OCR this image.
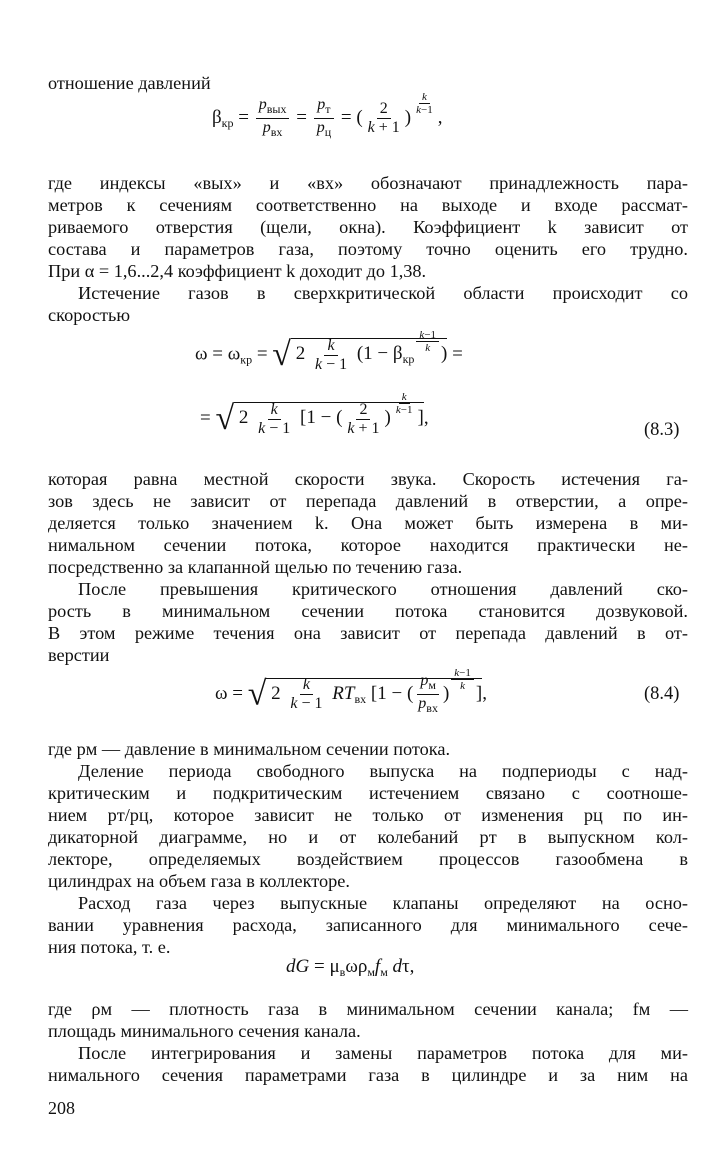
отношение давлений
$\beta_{кр} = \frac{p_{вых}}{p_{вх}} = \frac{p_т}{p_ц}$ = ( $\frac{2}{k + 1}$ )
$^{\frac{k}{k-1}}$
,
где индексы «вых» и «вх» обозначают принадлежность пара-
метров к сечениям соответственно на выходе и входе рассмат-
риваемого отверстия (щели, окна). Коэффициент k зависит от
состава и параметров газа, поэтому точно оценить его трудно.
При α = 1,6...2,4 коэффициент k доходит до 1,38.
Истечение газов в сверхкритической области происходит со
скоростью
$\omega = \omega_{кр}$ = √ $2 \frac{k}{k - 1} (1 - \beta_{кр}$
$^{\frac{k-1}{k}}$ ) =
= √ $2 \frac{k}{k - 1} [1$ − ( $\frac{2}{k + 1}$ )
$^{\frac{k}{k-1}}$
],
(8.3)
которая равна местной скорости звука. Скорость истечения га-
зов здесь не зависит от перепада давлений в отверстии, а опре-
деляется только значением k. Она может быть измерена в ми-
нимальном сечении потока, которое находится практически не-
посредственно за клапанной щелью по течению газа.
После превышения критического отношения давлений ско-
рость в минимальном сечении потока становится дозвуковой.
В этом режиме течения она зависит от перепада давлений в от-
верстии
ω = √ $2 \frac{k}{k - 1} RT_{вх}$ [1 − ( $\frac{p_м}{p_{вх}}$ )
$^{\frac{k-1}{k}}$
],	(8.4)
где pм — давление в минимальном сечении потока.
Деление периода свободного выпуска на подпериоды с над-
критическим и подкритическим истечением связано с соотноше-
нием pт/pц, которое зависит не только от изменения pц по ин-
дикаторной диаграмме, но и от колебаний pт в выпускном кол-
лекторе, определяемых воздействием процессов газообмена в
цилиндрах на объем газа в коллекторе.
Расход газа через выпускные клапаны определяют на осно-
вании уравнения расхода, записанного для минимального сече-
ния потока, т. е.
dG = $\mu_в\omega\rho_мf_м$ dτ,
где ρм — плотность газа в минимальном сечении канала; fм —
площадь минимального сечения канала.
После интегрирования и замены параметров потока для ми-
нимального сечения параметрами газа в цилиндре и за ним на
208
